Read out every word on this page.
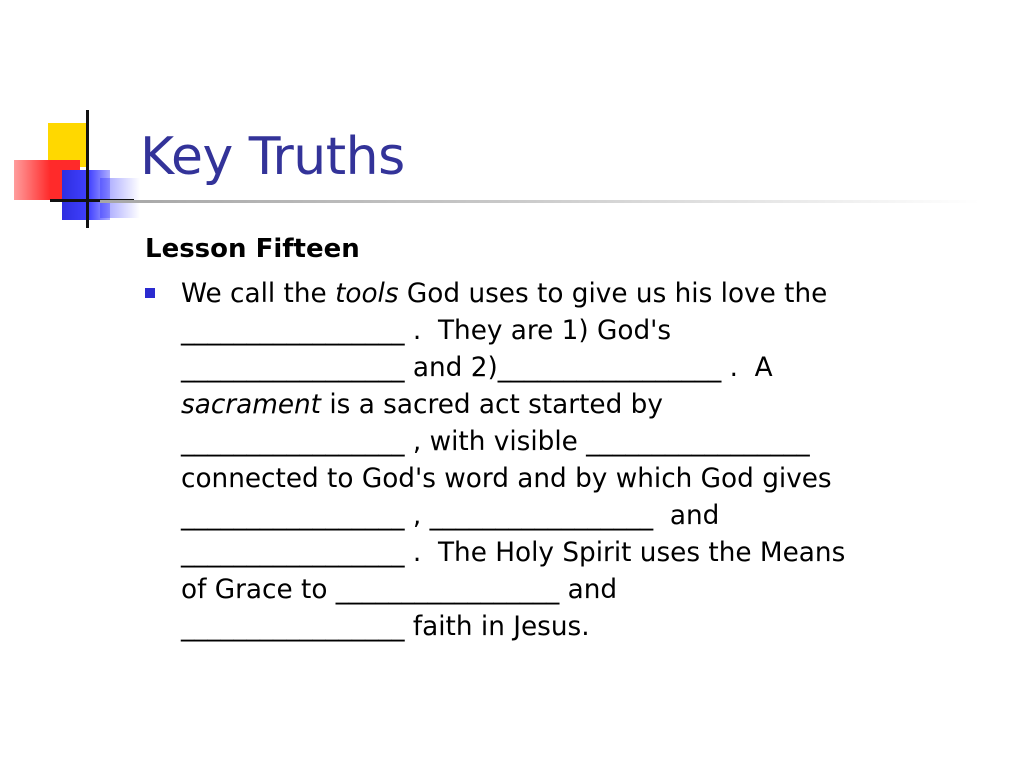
Key Truths
Lesson Fifteen
We call the tools God uses to give us his love the
_________________ .  They are 1) God's
_________________ and 2)_________________ .  A
sacrament is a sacred act started by
_________________ , with visible _________________
connected to God's word and by which God gives
_________________ , _________________  and
_________________ .  The Holy Spirit uses the Means
of Grace to _________________ and
_________________ faith in Jesus.
